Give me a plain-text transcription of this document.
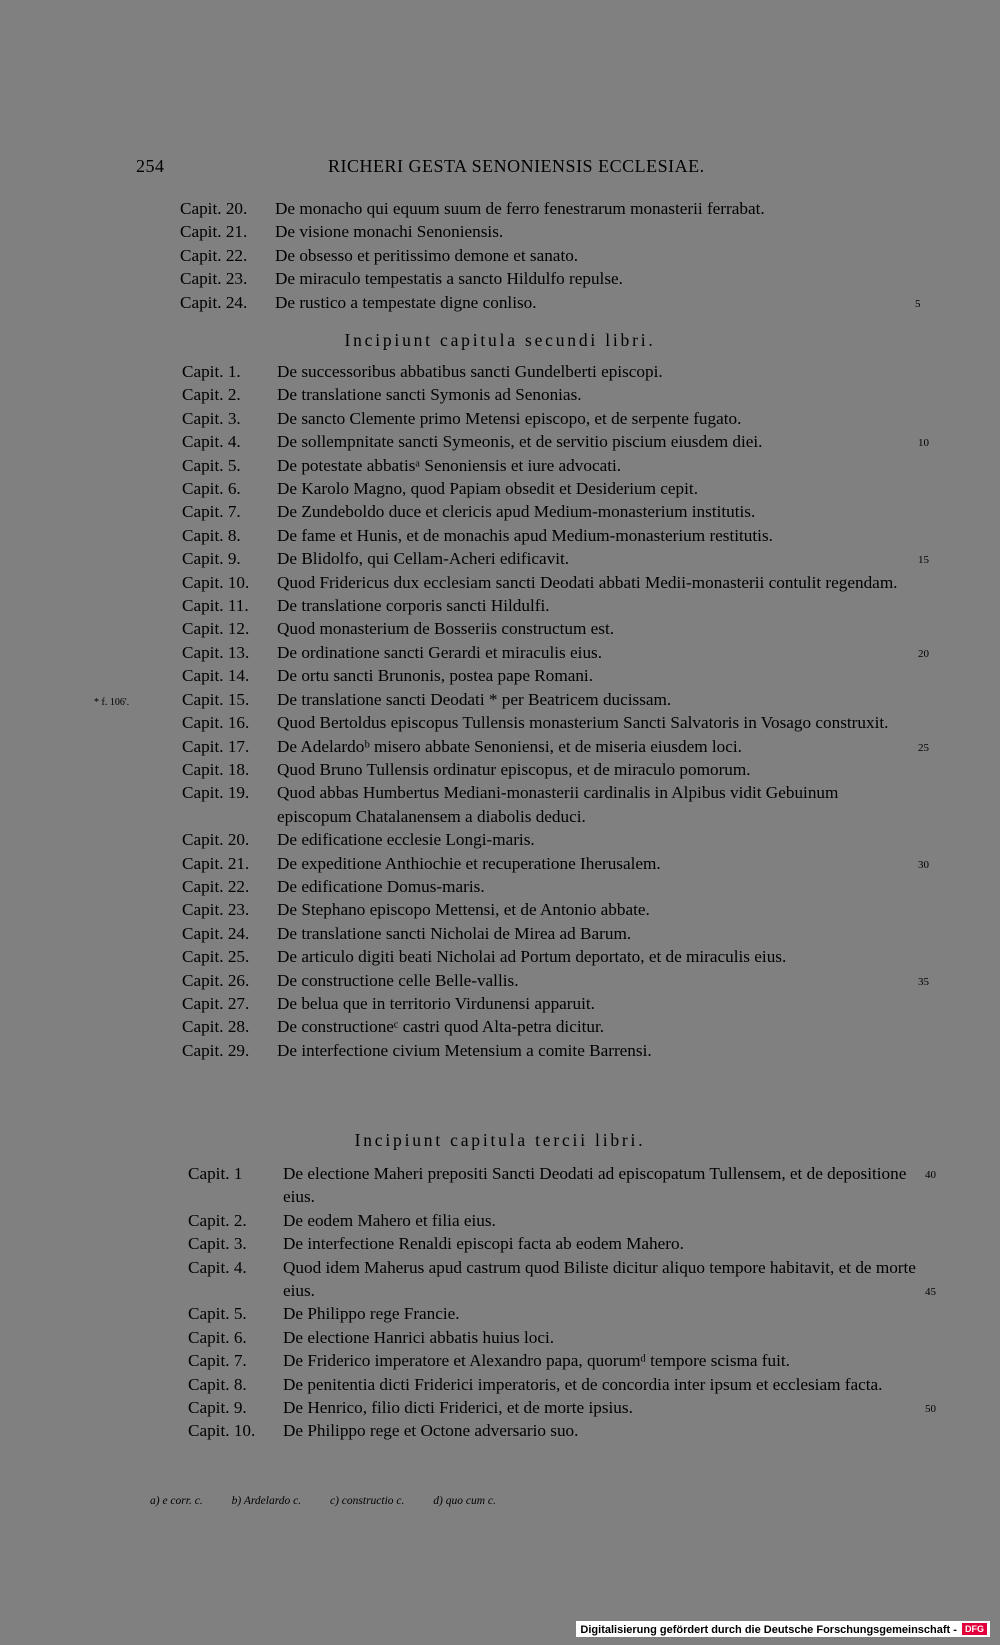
254	RICHERI GESTA SENONIENSIS ECCLESIAE.
Capit. 20. De monacho qui equum suum de ferro fenestrarum monasterii ferrabat.
Capit. 21. De visione monachi Senoniensis.
Capit. 22. De obsesso et peritissimo demone et sanato.
Capit. 23. De miraculo tempestatis a sancto Hildulfo repulse.
Capit. 24. De rustico a tempestate digne conliso.	5
Incipiunt capitula secundi libri.
Capit. 1. De successoribus abbatibus sancti Gundelberti episcopi.
Capit. 2. De translatione sancti Symonis ad Senonias.
Capit. 3. De sancto Clemente primo Metensi episcopo, et de serpente fugato.
Capit. 4. De sollempnitate sancti Symeonis, et de servitio piscium eiusdem diei.	10
Capit. 5. De potestate abbatisᵃ Senoniensis et iure advocati.
Capit. 6. De Karolo Magno, quod Papiam obsedit et Desiderium cepit.
Capit. 7. De Zundeboldo duce et clericis apud Medium-monasterium institutis.
Capit. 8. De fame et Hunis, et de monachis apud Medium-monasterium restitutis.
Capit. 9. De Blidolfo, qui Cellam-Acheri edificavit.	15
Capit. 10. Quod Fridericus dux ecclesiam sancti Deodati abbati Medii-monasterii contulit regendam.
Capit. 11. De translatione corporis sancti Hildulfi.
Capit. 12. Quod monasterium de Bosseriis constructum est.
Capit. 13. De ordinatione sancti Gerardi et miraculis eius.	20
Capit. 14. De ortu sancti Brunonis, postea pape Romani.
Capit. 15. De translatione sancti Deodati * per Beatricem ducissam.
* f. 106'.
Capit. 16. Quod Bertoldus episcopus Tullensis monasterium Sancti Salvatoris in Vosago construxit.
Capit. 17. De Adelardoᵇ misero abbate Senoniensi, et de miseria eiusdem loci.	25
Capit. 18. Quod Bruno Tullensis ordinatur episcopus, et de miraculo pomorum.
Capit. 19. Quod abbas Humbertus Mediani-monasterii cardinalis in Alpibus vidit Gebuinum episcopum Chatalanensem a diabolis deduci.
Capit. 20. De edificatione ecclesie Longi-maris.
Capit. 21. De expeditione Anthiochie et recuperatione Iherusalem.	30
Capit. 22. De edificatione Domus-maris.
Capit. 23. De Stephano episcopo Mettensi, et de Antonio abbate.
Capit. 24. De translatione sancti Nicholai de Mirea ad Barum.
Capit. 25. De articulo digiti beati Nicholai ad Portum deportato, et de miraculis eius.
Capit. 26. De constructione celle Belle-vallis.	35
Capit. 27. De belua que in territorio Virdunensi apparuit.
Capit. 28. De constructioneᶜ castri quod Alta-petra dicitur.
Capit. 29. De interfectione civium Metensium a comite Barrensi.
Incipiunt capitula tercii libri.
Capit. 1 De electione Maheri prepositi Sancti Deodati ad episcopatum Tullensem, et de depositione eius.
40
Capit. 2. De eodem Mahero et filia eius.
Capit. 3. De interfectione Renaldi episcopi facta ab eodem Mahero.
Capit. 4. Quod idem Maherus apud castrum quod Biliste dicitur aliquo tempore habitavit, et de morte eius.	45
Capit. 5. De Philippo rege Francie.
Capit. 6. De electione Hanrici abbatis huius loci.
Capit. 7. De Friderico imperatore et Alexandro papa, quorumᵈ tempore scisma fuit.
Capit. 8. De penitentia dicti Friderici imperatoris, et de concordia inter ipsum et ecclesiam facta.
50
Capit. 9. De Henrico, filio dicti Friderici, et de morte ipsius.
Capit. 10. De Philippo rege et Octone adversario suo.
a) e corr. c.	b) Ardelardo c.	c) constructio c.	d) quo cum c.
Digitalisierung gefördert durch die Deutsche Forschungsgemeinschaft - DFG
